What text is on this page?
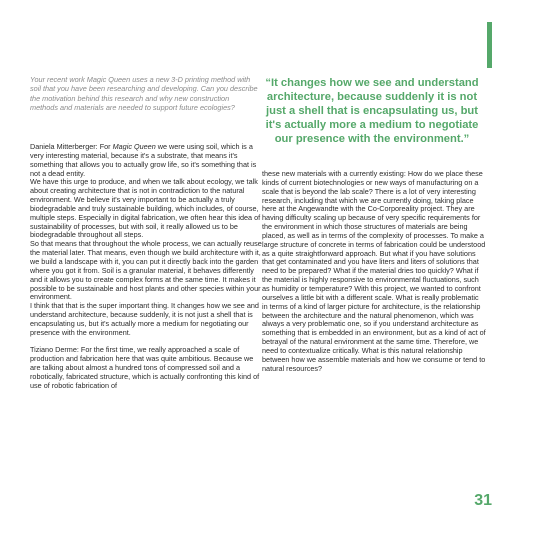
Your recent work Magic Queen uses a new 3-D printing method with soil that you have been researching and developing. Can you describe the motivation behind this research and why new construction methods and materials are needed to support future ecologies?

“It changes how we see and understand architecture, because suddenly it is not just a shell that is encapsulating us, but it's actually more a medium to negotiate our presence with the environment.”

Daniela Mitterberger: For Magic Queen we were using soil, which is a very interesting material, because it's a substrate, that means it's something that allows you to actually grow life, so it's something that is not a dead entity.

We have this urge to produce, and when we talk about ecology, we talk about creating architecture that is not in contradiction to the natural environment. We believe it's very important to be actually a truly biodegradable and truly sustainable building, which includes, of course, multiple steps. Especially in digital fabrication, we often hear this idea of sustainability of processes, but with soil, it really allowed us to be biodegradable throughout all steps.

So that means that throughout the whole process, we can actually reuse the material later. That means, even though we build architecture with it, we build a landscape with it, you can put it directly back into the garden where you got it from. Soil is a granular material, it behaves differently and it allows you to create complex forms at the same time. It makes it possible to be sustainable and host plants and other species within your environment.

I think that that is the super important thing. It changes how we see and understand architecture, because suddenly, it is not just a shell that is encapsulating us, but it's actually more a medium for negotiating our presence with the environment.

Tiziano Derme: For the first time, we really approached a scale of production and fabrication here that was quite ambitious. Because we are talking about almost a hundred tons of compressed soil and a robotically, fabricated structure, which is actually confronting this kind of use of robotic fabrication of

these new materials with a currently existing: How do we place these kinds of current biotechnologies or new ways of manufacturing on a scale that is beyond the lab scale? There is a lot of very interesting research, including that which we are currently doing, taking place here at the Angewandte with the Co-Corporeality project. They are having difficulty scaling up because of very specific requirements for the environment in which those structures of materials are being placed, as well as in terms of the complexity of processes. To make a large structure of concrete in terms of fabrication could be understood as a quite straightforward approach. But what if you have solutions that get contaminated and you have liters and liters of solutions that need to be prepared? What if the material dries too quickly? What if the material is highly responsive to environmental fluctuations, such as humidity or temperature? With this project, we wanted to confront ourselves a little bit with a different scale. What is really problematic in terms of a kind of larger picture for architecture, is the relationship between the architecture and the natural phenomenon, which was always a very problematic one, so if you understand architecture as something that is embedded in an environment, but as a kind of act of betrayal of the natural environment at the same time. Therefore, we need to contextualize critically. What is this natural relationship between how we assemble materials and how we consume or tend to natural resources?

31
